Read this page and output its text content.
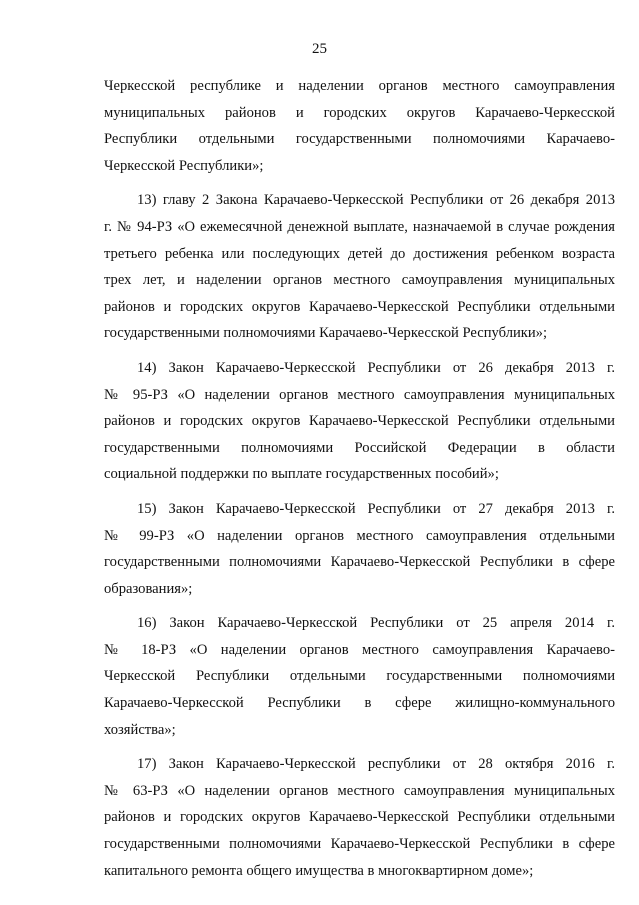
25
Черкесской республике и наделении органов местного самоуправления
муниципальных районов и городских округов Карачаево-Черкесской
Республики отдельными государственными полномочиями Карачаево-
Черкесской Республики»;
13) главу 2 Закона Карачаево-Черкесской Республики от 26 декабря 2013
г. № 94-РЗ «О ежемесячной денежной выплате, назначаемой в случае рождения
третьего ребенка или последующих детей до достижения ребенком возраста
трех лет, и наделении органов местного самоуправления муниципальных
районов и городских округов Карачаево-Черкесской Республики отдельными
государственными полномочиями Карачаево-Черкесской Республики»;
14) Закон Карачаево-Черкесской Республики от 26 декабря 2013 г.
№ 95-РЗ «О наделении органов местного самоуправления муниципальных
районов и городских округов Карачаево-Черкесской Республики отдельными
государственными полномочиями Российской Федерации в области
социальной поддержки по выплате государственных пособий»;
15) Закон Карачаево-Черкесской Республики от 27 декабря 2013 г.
№ 99-РЗ «О наделении органов местного самоуправления отдельными
государственными полномочиями Карачаево-Черкесской Республики в сфере
образования»;
16) Закон Карачаево-Черкесской Республики от 25 апреля 2014 г.
№ 18-РЗ «О наделении органов местного самоуправления Карачаево-
Черкесской Республики отдельными государственными полномочиями
Карачаево-Черкесской Республики в сфере жилищно-коммунального
хозяйства»;
17) Закон Карачаево-Черкесской республики от 28 октября 2016 г.
№ 63-РЗ «О наделении органов местного самоуправления муниципальных
районов и городских округов Карачаево-Черкесской Республики отдельными
государственными полномочиями Карачаево-Черкесской Республики в сфере
капитального ремонта общего имущества в многоквартирном доме»;
